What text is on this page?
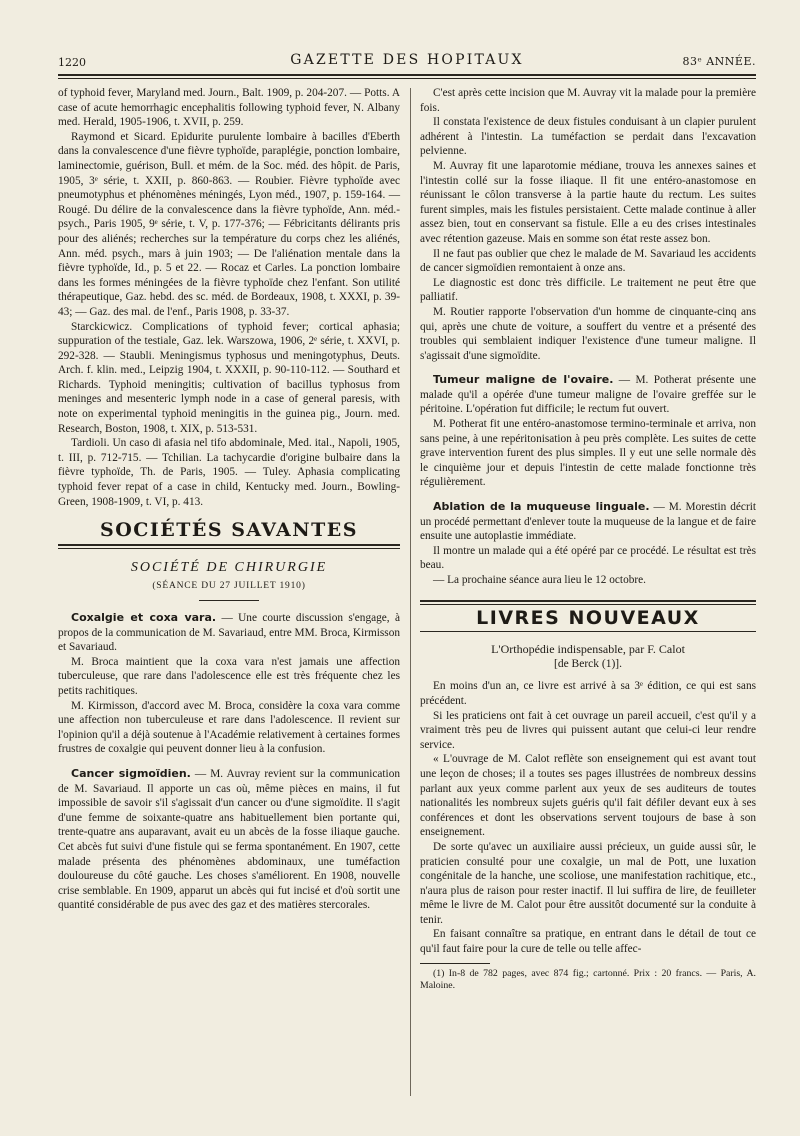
1220	GAZETTE DES HOPITAUX	83ᵉ ANNÉE.

of typhoid fever, Maryland med. Journ., Balt. 1909, p. 204-207. — Potts. A case of acute hemorrhagic encephalitis following typhoid fever, N. Albany med. Herald, 1905-1906, t. XVII, p. 259.

Raymond et Sicard. Epidurite purulente lombaire à bacilles d'Eberth dans la convalescence d'une fièvre typhoïde, paraplégie, ponction lombaire, laminectomie, guérison, Bull. et mém. de la Soc. méd. des hôpit. de Paris, 1905, 3ᵉ série, t. XXII, p. 860-863. — Roubier. Fièvre typhoïde avec pneumotyphus et phénomènes méningés, Lyon méd., 1907, p. 159-164. — Rougé. Du délire de la convalescence dans la fièvre typhoïde, Ann. méd.-psych., Paris 1905, 9ᵉ série, t. V, p. 177-376; — Fébricitants délirants pris pour des aliénés; recherches sur la température du corps chez les aliénés, Ann. méd. psych., mars à juin 1903; — De l'aliénation mentale dans la fièvre typhoïde, Id., p. 5 et 22. — Rocaz et Carles. La ponction lombaire dans les formes méningées de la fièvre typhoïde chez l'enfant. Son utilité thérapeutique, Gaz. hebd. des sc. méd. de Bordeaux, 1908, t. XXXI, p. 39-43; — Gaz. des mal. de l'enf., Paris 1908, p. 33-37.

Starckicwicz. Complications of typhoid fever; cortical aphasia; suppuration of the testiale, Gaz. lek. Warszowa, 1906, 2ᵉ série, t. XXVI, p. 292-328. — Staubli. Meningismus typhosus und meningotyphus, Deuts. Arch. f. klin. med., Leipzig 1904, t. XXXII, p. 90-110-112. — Southard et Richards. Typhoid meningitis; cultivation of bacillus typhosus from meninges and mesenteric lymph node in a case of general paresis, with note on experimental typhoid meningitis in the guinea pig., Journ. med. Research, Boston, 1908, t. XIX, p. 513-531.

Tardioli. Un caso di afasia nel tifo abdominale, Med. ital., Napoli, 1905, t. III, p. 712-715. — Tchilian. La tachycardie d'origine bulbaire dans la fièvre typhoïde, Th. de Paris, 1905. — Tuley. Aphasia complicating typhoid fever repat of a case in child, Kentucky med. Journ., Bowling-Green, 1908-1909, t. VI, p. 413.

SOCIÉTÉS SAVANTES
SOCIÉTÉ DE CHIRURGIE
(SÉANCE DU 27 JUILLET 1910)

Coxalgie et coxa vara. — Une courte discussion s'engage, à propos de la communication de M. Savariaud, entre MM. Broca, Kirmisson et Savariaud.

M. Broca maintient que la coxa vara n'est jamais une affection tuberculeuse, que rare dans l'adolescence elle est très fréquente chez les petits rachitiques.

M. Kirmisson, d'accord avec M. Broca, considère la coxa vara comme une affection non tuberculeuse et rare dans l'adolescence. Il revient sur l'opinion qu'il a déjà soutenue à l'Académie relativement à certaines formes frustres de coxalgie qui peuvent donner lieu à la confusion.

Cancer sigmoïdien. — M. Auvray revient sur la communication de M. Savariaud. Il apporte un cas où, même pièces en mains, il fut impossible de savoir s'il s'agissait d'un cancer ou d'une sigmoïdite. Il s'agit d'une femme de soixante-quatre ans habituellement bien portante qui, trente-quatre ans auparavant, avait eu un abcès de la fosse iliaque gauche. Cet abcès fut suivi d'une fistule qui se ferma spontanément. En 1907, cette malade présenta des phénomènes abdominaux, une tuméfaction douloureuse du côté gauche. Les choses s'améliorent. En 1908, nouvelle crise semblable. En 1909, apparut un abcès qui fut incisé et d'où sortit une quantité considérable de pus avec des gaz et des matières stercorales.

C'est après cette incision que M. Auvray vit la malade pour la première fois.

Il constata l'existence de deux fistules conduisant à un clapier purulent adhérent à l'intestin. La tuméfaction se perdait dans l'excavation pelvienne.

M. Auvray fit une laparotomie médiane, trouva les annexes saines et l'intestin collé sur la fosse iliaque. Il fit une entéro-anastomose en réunissant le côlon transverse à la partie haute du rectum. Les suites furent simples, mais les fistules persistaient. Cette malade continue à aller assez bien, tout en conservant sa fistule. Elle a eu des crises intestinales avec rétention gazeuse. Mais en somme son état reste assez bon.

Il ne faut pas oublier que chez le malade de M. Savariaud les accidents de cancer sigmoïdien remontaient à onze ans.

Le diagnostic est donc très difficile. Le traitement ne peut être que palliatif.

M. Routier rapporte l'observation d'un homme de cinquante-cinq ans qui, après une chute de voiture, a souffert du ventre et a présenté des troubles qui semblaient indiquer l'existence d'une tumeur maligne. Il s'agissait d'une sigmoïdite.

Tumeur maligne de l'ovaire. — M. Potherat présente une malade qu'il a opérée d'une tumeur maligne de l'ovaire greffée sur le péritoine. L'opération fut difficile; le rectum fut ouvert.

M. Potherat fit une entéro-anastomose termino-terminale et arriva, non sans peine, à une repéritonisation à peu près complète. Les suites de cette grave intervention furent des plus simples. Il y eut une selle normale dès le cinquième jour et depuis l'intestin de cette malade fonctionne très régulièrement.

Ablation de la muqueuse linguale. — M. Morestin décrit un procédé permettant d'enlever toute la muqueuse de la langue et de faire ensuite une autoplastie immédiate.

Il montre un malade qui a été opéré par ce procédé. Le résultat est très beau.

— La prochaine séance aura lieu le 12 octobre.

LIVRES NOUVEAUX
L'Orthopédie indispensable, par F. Calot
[de Berck (1)].

En moins d'un an, ce livre est arrivé à sa 3ᵉ édition, ce qui est sans précédent.

Si les praticiens ont fait à cet ouvrage un pareil accueil, c'est qu'il y a vraiment très peu de livres qui puissent autant que celui-ci leur rendre service.

« L'ouvrage de M. Calot reflète son enseignement qui est avant tout une leçon de choses; il a toutes ses pages illustrées de nombreux dessins parlant aux yeux comme parlent aux yeux de ses auditeurs de toutes nationalités les nombreux sujets guéris qu'il fait défiler devant eux à ses conférences et dont les observations servent toujours de base à son enseignement.

De sorte qu'avec un auxiliaire aussi précieux, un guide aussi sûr, le praticien consulté pour une coxalgie, un mal de Pott, une luxation congénitale de la hanche, une scoliose, une manifestation rachitique, etc., n'aura plus de raison pour rester inactif. Il lui suffira de lire, de feuilleter même le livre de M. Calot pour être aussitôt documenté sur la conduite à tenir.

En faisant connaître sa pratique, en entrant dans le détail de tout ce qu'il faut faire pour la cure de telle ou telle affec-

(1) In-8 de 782 pages, avec 874 fig.; cartonné. Prix : 20 francs. — Paris, A. Maloine.
